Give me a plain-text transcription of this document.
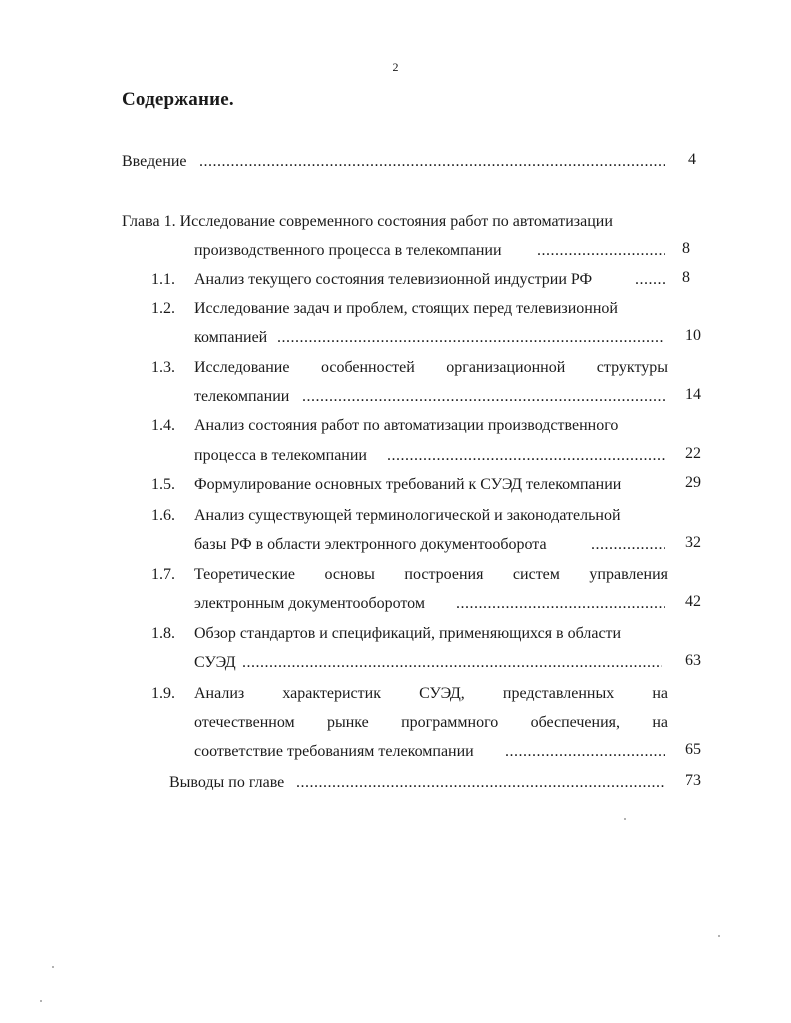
2
Содержание.
Введение .....	4
Глава 1. Исследование современного состояния работ по автоматизации
производственного процесса в телекомпании .....	8
1.1. Анализ текущего состояния телевизионной индустрии РФ .....	8
1.2. Исследование задач и проблем, стоящих перед телевизионной
компанией .....	10
1.3. Исследование особенностей организационной структуры
телекомпании .....	14
1.4. Анализ состояния работ по автоматизации производственного
процесса в телекомпании .....	22
1.5. Формулирование основных требований к СУЭД телекомпании	29
1.6. Анализ существующей терминологической и законодательной
базы РФ в области электронного документооборота .....	32
1.7. Теоретические основы построения систем управления
электронным документооборотом .....	42
1.8. Обзор стандартов и спецификаций, применяющихся в области
СУЭД .....	63
1.9. Анализ характеристик СУЭД, представленных на
отечественном рынке программного обеспечения, на
соответствие требованиям телекомпании .....	65
Выводы по главе .....	73
